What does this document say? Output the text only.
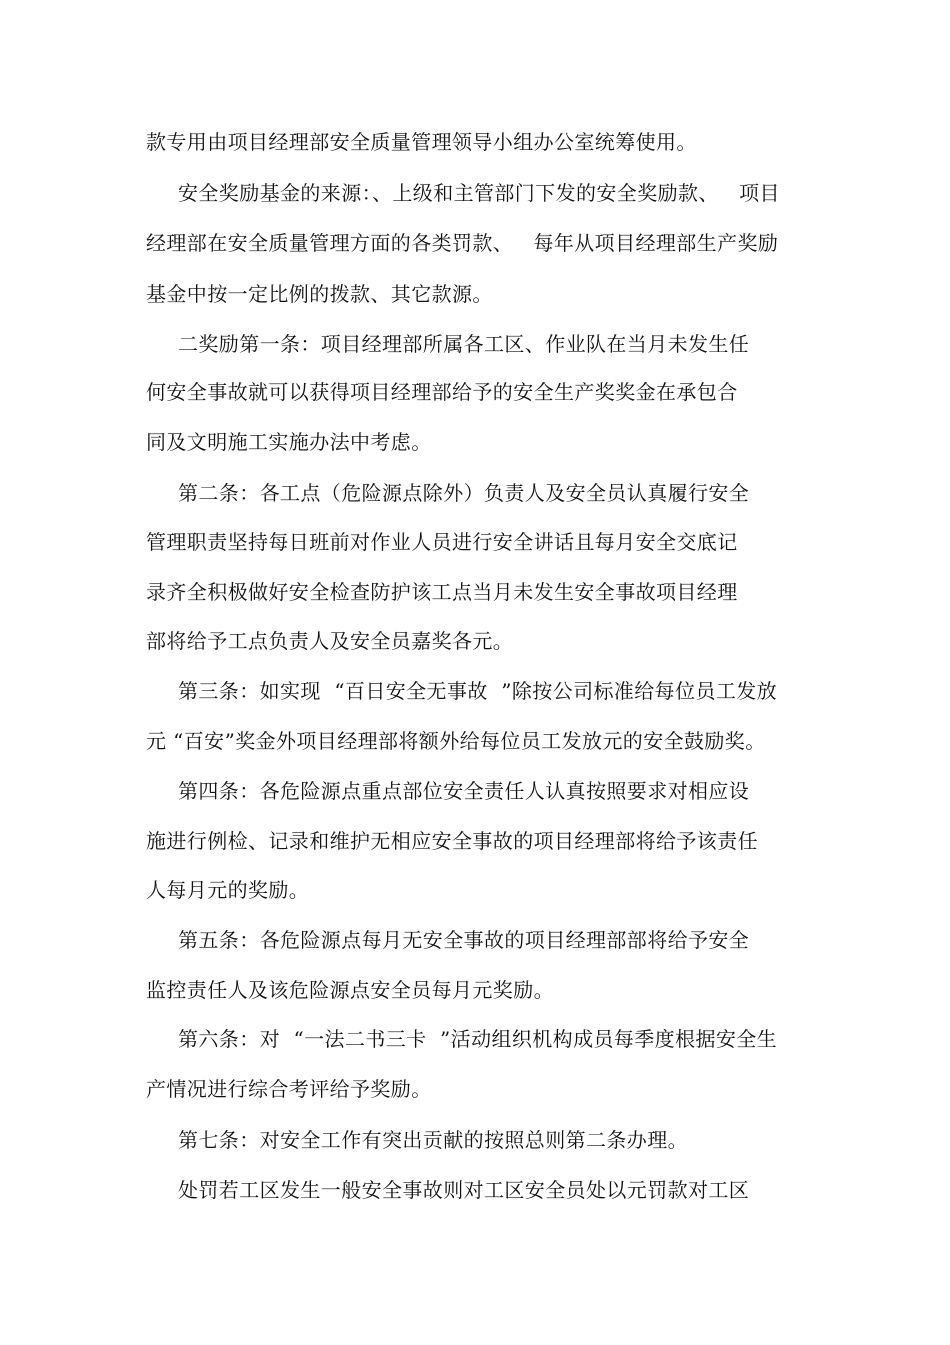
款专用由项目经理部安全质量管理领导小组办公室统筹使用。
安全奖励基金的来源：、上级和主管部门下发的安全奖励款、   项目
经理部在安全质量管理方面的各类罚款、   每年从项目经理部生产奖励
基金中按一定比例的拨款、其它款源。
二奖励第一条：项目经理部所属各工区、作业队在当月未发生任
何安全事故就可以获得项目经理部给予的安全生产奖奖金在承包合
同及文明施工实施办法中考虑。
第二条：各工点（危险源点除外）负责人及安全员认真履行安全
管理职责坚持每日班前对作业人员进行安全讲话且每月安全交底记
录齐全积极做好安全检查防护该工点当月未发生安全事故项目经理
部将给予工点负责人及安全员嘉奖各元。
第三条：如实现  “百日安全无事故  ”除按公司标准给每位员工发放
元 “百安”奖金外项目经理部将额外给每位员工发放元的安全鼓励奖。
第四条：各危险源点重点部位安全责任人认真按照要求对相应设
施进行例检、记录和维护无相应安全事故的项目经理部将给予该责任
人每月元的奖励。
第五条：各危险源点每月无安全事故的项目经理部部将给予安全
监控责任人及该危险源点安全员每月元奖励。
第六条：对  “一法二书三卡  ”活动组织机构成员每季度根据安全生
产情况进行综合考评给予奖励。
第七条：对安全工作有突出贡献的按照总则第二条办理。
处罚若工区发生一般安全事故则对工区安全员处以元罚款对工区
